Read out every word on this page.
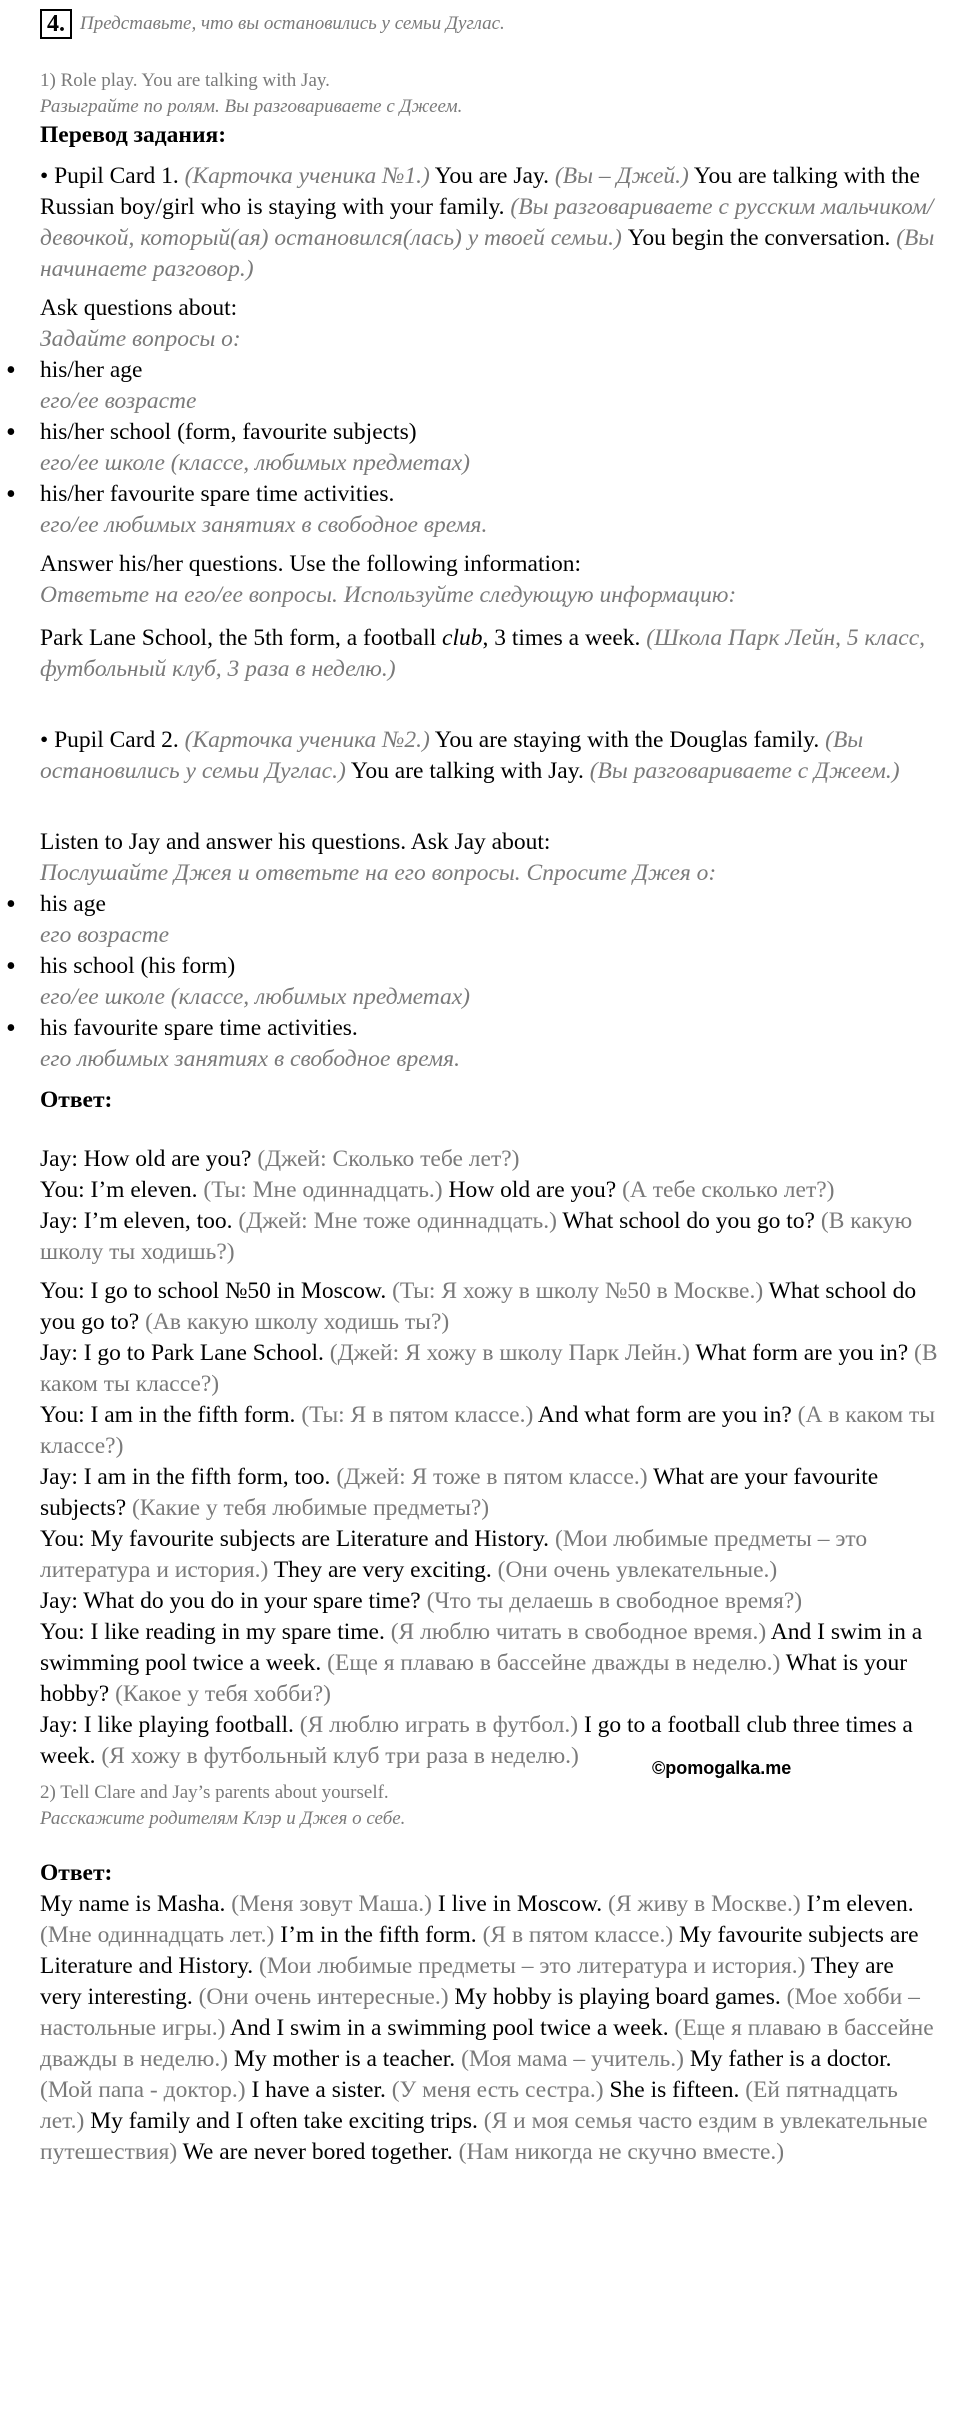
4. Представьте, что вы остановились у семьи Дуглас.

1) Role play. You are talking with Jay.

Разыграйте по ролям. Вы разговариваете с Джеем.

Перевод задания:

• Pupil Card 1. (Карточка ученика №1.) You are Jay. (Вы – Джей.) You are talking with the Russian boy/girl who is staying with your family. (Вы разговариваете с русским мальчиком/девочкой, который(ая) остановился(лась) у твоей семьи.) You begin the conversation. (Вы начинаете разговор.)

Ask questions about:

Задайте вопросы о:

• his/her age

его/ее возрасте

• his/her school (form, favourite subjects)

его/ее школе (классе, любимых предметах)

• his/her favourite spare time activities.

его/ее любимых занятиях в свободное время.

Answer his/her questions. Use the following information:

Ответьте на его/ее вопросы. Используйте следующую информацию:

Park Lane School, the 5th form, a football club, 3 times a week. (Школа Парк Лейн, 5 класс, футбольный клуб, 3 раза в неделю.)

• Pupil Card 2. (Карточка ученика №2.) You are staying with the Douglas family. (Вы остановились у семьи Дуглас.) You are talking with Jay. (Вы разговариваете с Джеем.)

Listen to Jay and answer his questions. Ask Jay about:

Послушайте Джея и ответьте на его вопросы. Спросите Джея о:

• his age

его возрасте

• his school (his form)

его/ее школе (классе, любимых предметах)

• his favourite spare time activities.

его любимых занятиях в свободное время.

Ответ:

Jay: How old are you? (Джей: Сколько тебе лет?)

You: I’m eleven. (Ты: Мне одиннадцать.) How old are you? (А тебе сколько лет?)

Jay: I’m eleven, too. (Джей: Мне тоже одиннадцать.) What school do you go to? (В какую школу ты ходишь?)

You: I go to school №50 in Moscow. (Ты: Я хожу в школу №50 в Москве.) What school do you go to? (Ав какую школу ходишь ты?)

Jay: I go to Park Lane School. (Джей: Я хожу в школу Парк Лейн.) What form are you in? (В каком ты классе?)

You: I am in the fifth form. (Ты: Я в пятом классе.) And what form are you in? (А в каком ты классе?)

Jay: I am in the fifth form, too. (Джей: Я тоже в пятом классе.) What are your favourite subjects? (Какие у тебя любимые предметы?)

You: My favourite subjects are Literature and History. (Мои любимые предметы – это литература и история.) They are very exciting. (Они очень увлекательные.)

Jay: What do you do in your spare time? (Что ты делаешь в свободное время?)

You: I like reading in my spare time. (Я люблю читать в свободное время.) And I swim in a swimming pool twice a week. (Еще я плаваю в бассейне дважды в неделю.) What is your hobby? (Какое у тебя хобби?)

Jay: I like playing football. (Я люблю играть в футбол.) I go to a football club three times a week. (Я хожу в футбольный клуб три раза в неделю.)	©pomogalka.me

2) Tell Clare and Jay’s parents about yourself.

Расскажите родителям Клэр и Джея о себе.

Ответ:

My name is Masha. (Меня зовут Маша.) I live in Moscow. (Я живу в Москве.) I’m eleven. (Мне одиннадцать лет.) I’m in the fifth form. (Я в пятом классе.) My favourite subjects are Literature and History. (Мои любимые предметы – это литература и история.) They are very interesting. (Они очень интересные.) My hobby is playing board games. (Мое хобби – настольные игры.) And I swim in a swimming pool twice a week. (Еще я плаваю в бассейне дважды в неделю.) My mother is a teacher. (Моя мама – учитель.) My father is a doctor. (Мой папа - доктор.) I have a sister. (У меня есть сестра.) She is fifteen. (Ей пятнадцать лет.) My family and I often take exciting trips. (Я и моя семья часто ездим в увлекательные путешествия) We are never bored together. (Нам никогда не скучно вместе.)
